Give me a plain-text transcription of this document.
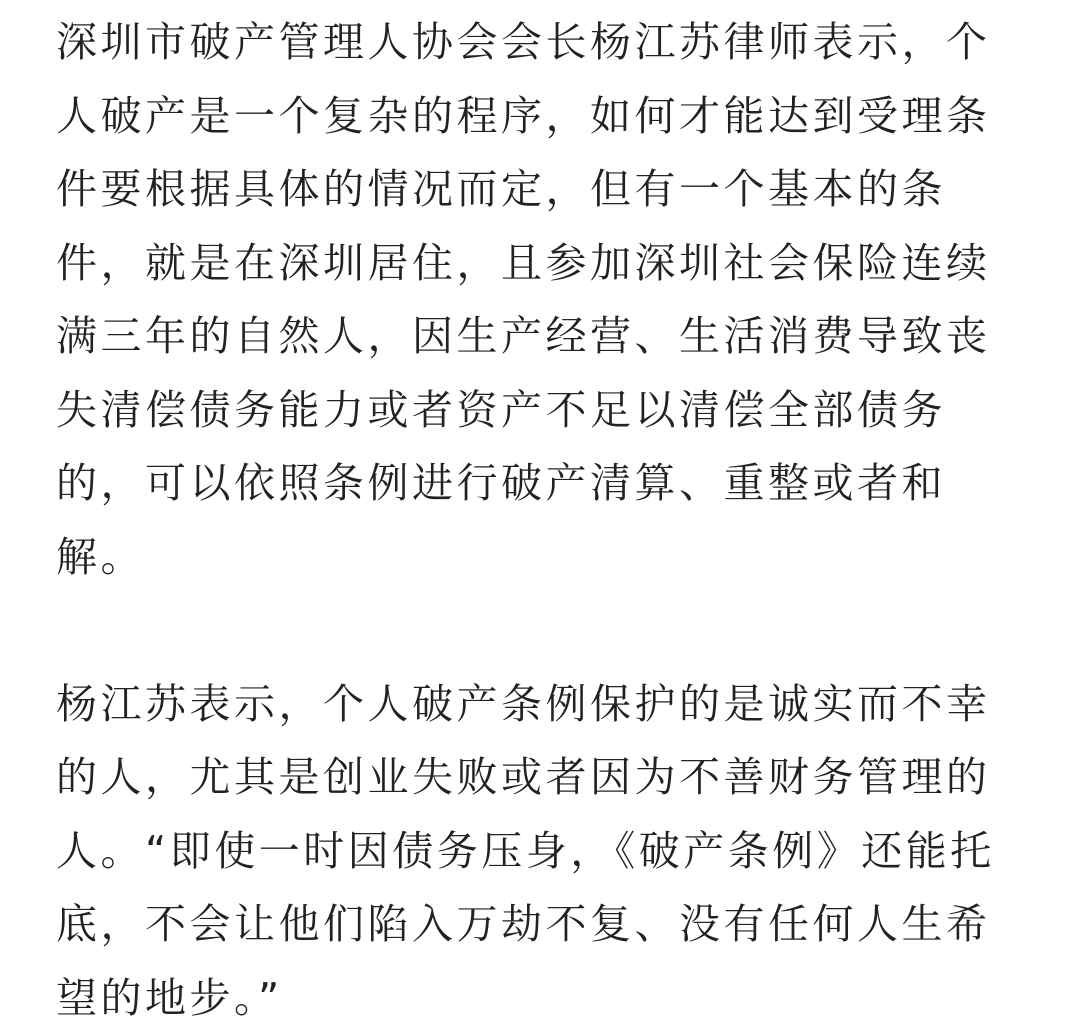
深圳市破产管理人协会会长杨江苏律师表示，个
人破产是一个复杂的程序，如何才能达到受理条
件要根据具体的情况而定，但有一个基本的条
件，就是在深圳居住，且参加深圳社会保险连续
满三年的自然人，因生产经营、生活消费导致丧
失清偿债务能力或者资产不足以清偿全部债务
的，可以依照条例进行破产清算、重整或者和
解。
杨江苏表示，个人破产条例保护的是诚实而不幸
的人，尤其是创业失败或者因为不善财务管理的
人。“即使一时因债务压身，《破产条例》还能托
底，不会让他们陷入万劫不复、没有任何人生希
望的地步。”
